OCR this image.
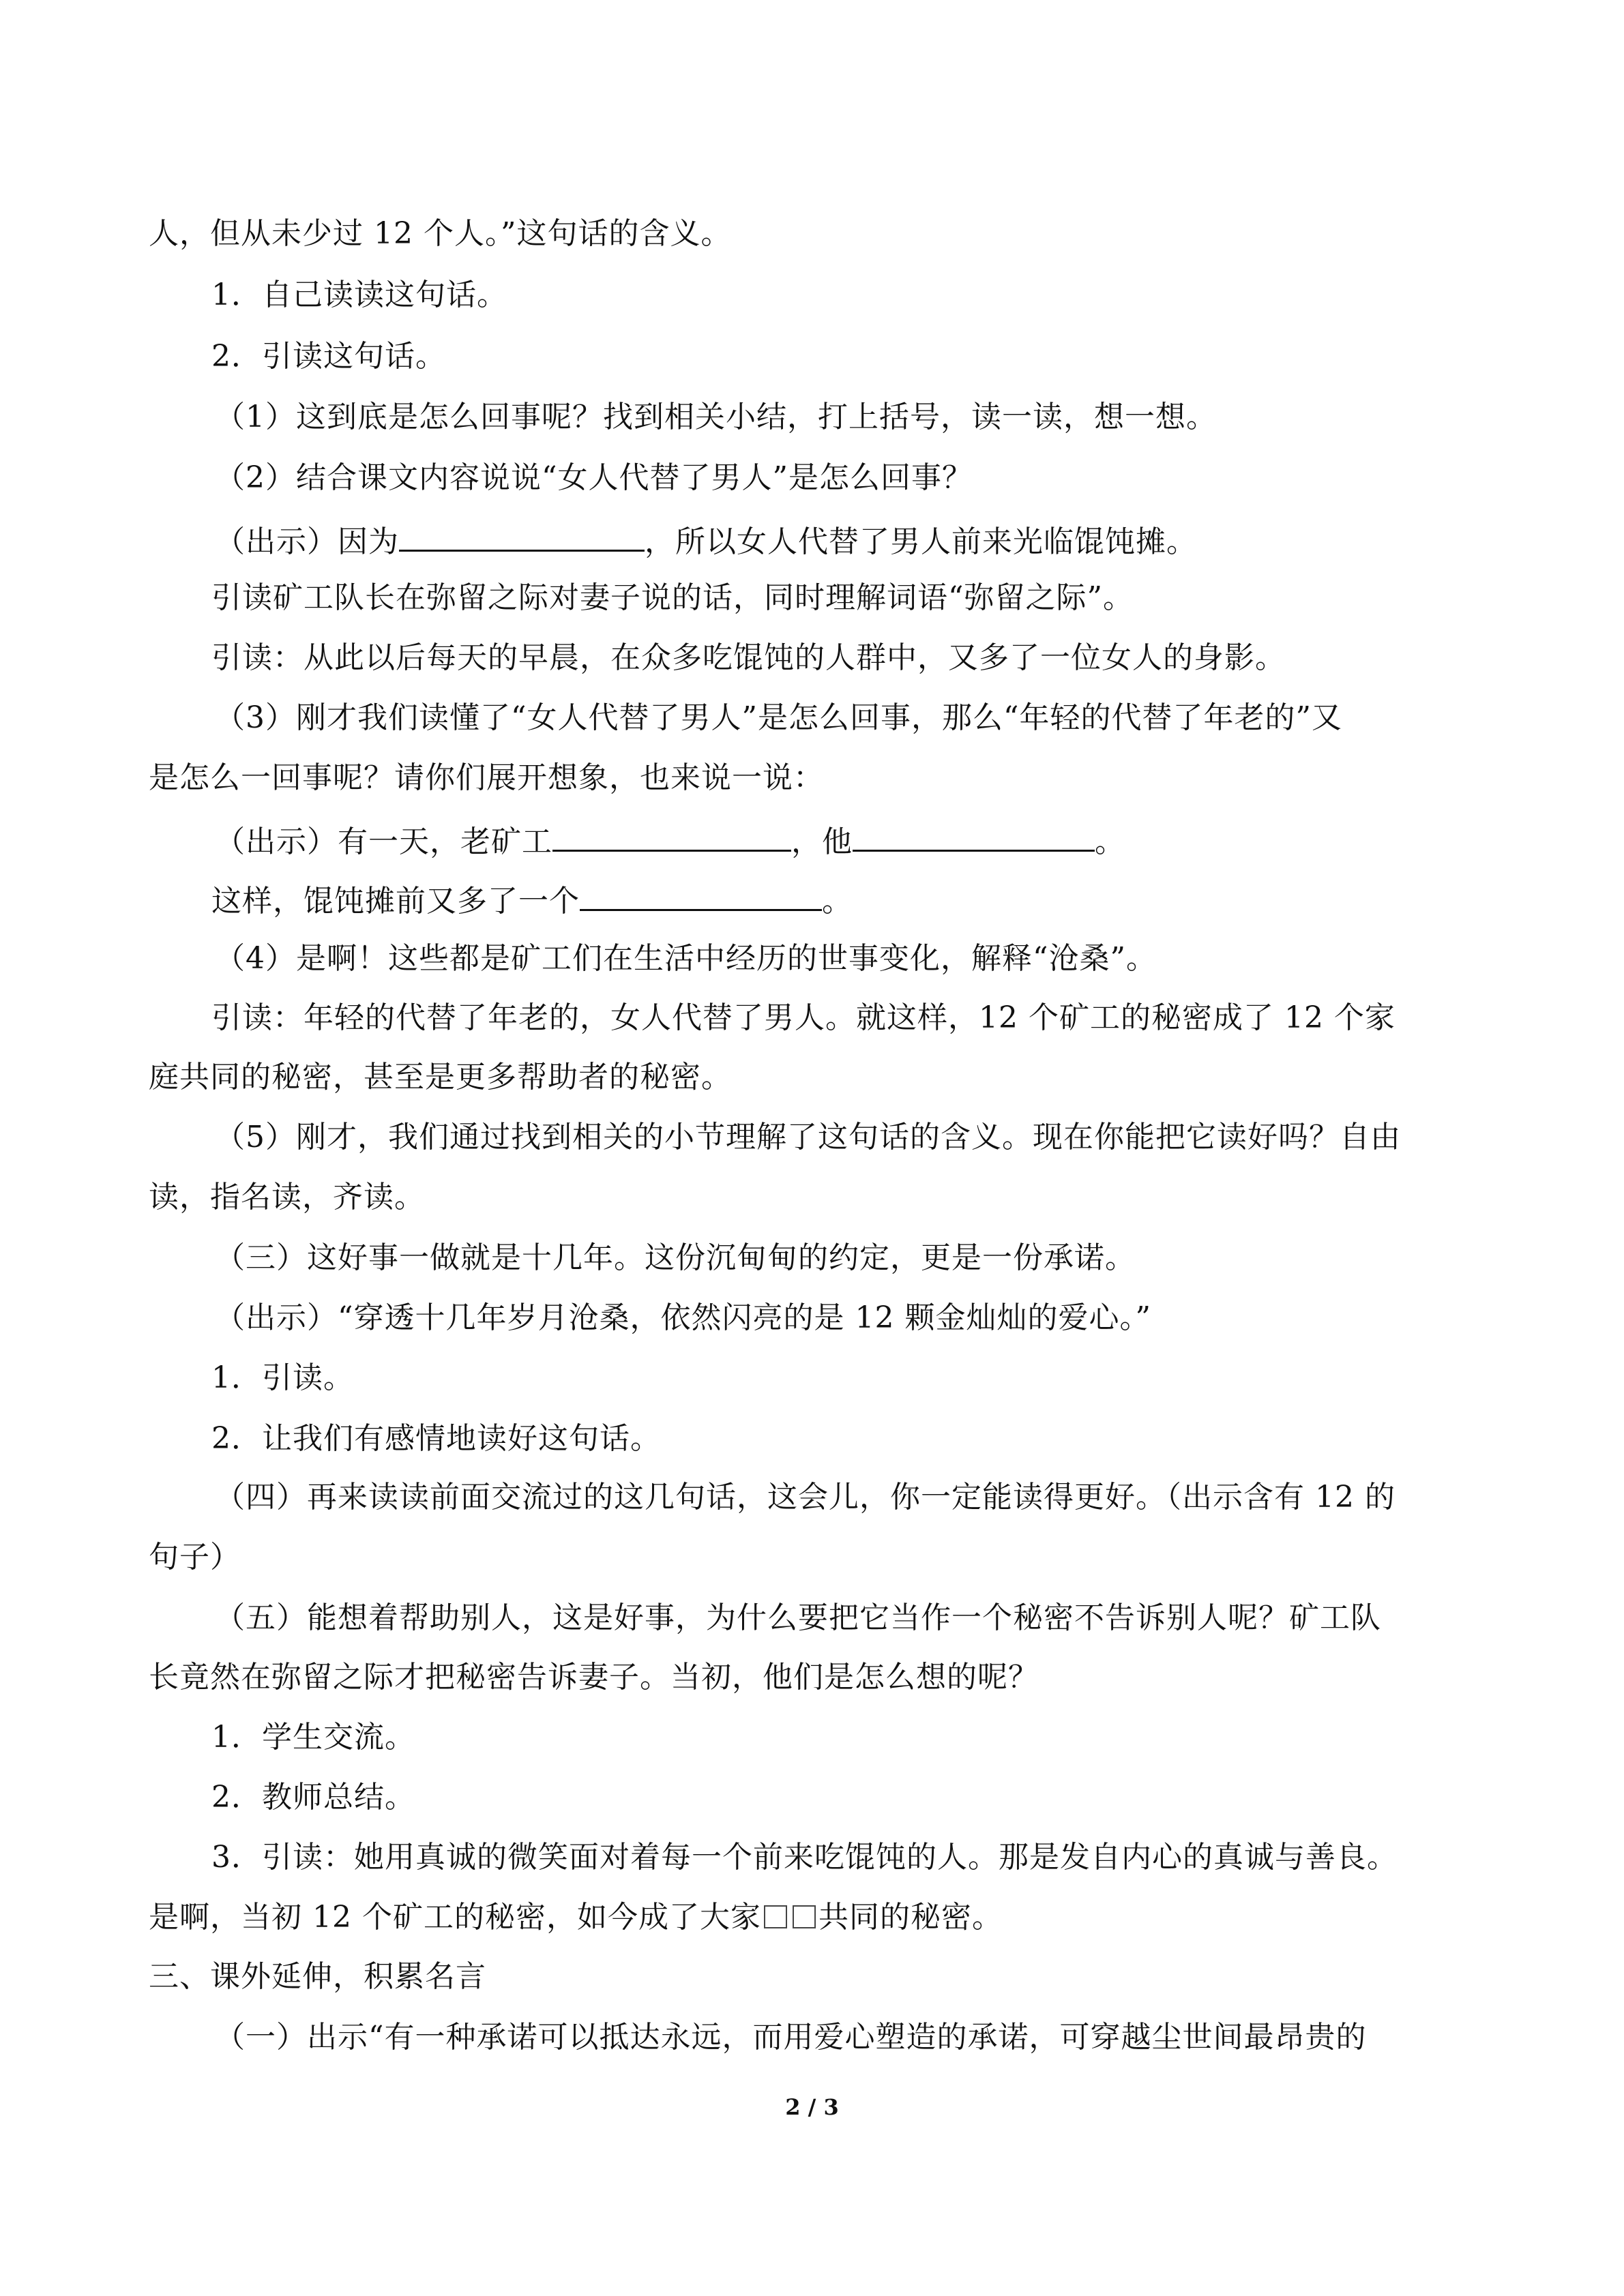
人，但从未少过 12 个人。”这句话的含义。
1．自己读读这句话。
2．引读这句话。
（1）这到底是怎么回事呢？找到相关小结，打上括号，读一读，想一想。
（2）结合课文内容说说“女人代替了男人”是怎么回事？
（出示）因为	，所以女人代替了男人前来光临馄饨摊。
引读矿工队长在弥留之际对妻子说的话，同时理解词语“弥留之际”。
引读：从此以后每天的早晨，在众多吃馄饨的人群中，又多了一位女人的身影。
（3）刚才我们读懂了“女人代替了男人”是怎么回事，那么“年轻的代替了年老的”又
是怎么一回事呢？请你们展开想象，也来说一说：
（出示）有一天，老矿工	，他	。
这样，馄饨摊前又多了一个	。
（4）是啊！这些都是矿工们在生活中经历的世事变化，解释“沧桑”。
引读：年轻的代替了年老的，女人代替了男人。就这样，12 个矿工的秘密成了 12 个家
庭共同的秘密，甚至是更多帮助者的秘密。
（5）刚才，我们通过找到相关的小节理解了这句话的含义。现在你能把它读好吗？自由
读，指名读，齐读。
（三）这好事一做就是十几年。这份沉甸甸的约定，更是一份承诺。
（出示）“穿透十几年岁月沧桑，依然闪亮的是 12 颗金灿灿的爱心。”
1．引读。
2．让我们有感情地读好这句话。
（四）再来读读前面交流过的这几句话，这会儿，你一定能读得更好。（出示含有 12 的
句子）
（五）能想着帮助别人，这是好事，为什么要把它当作一个秘密不告诉别人呢？矿工队
长竟然在弥留之际才把秘密告诉妻子。当初，他们是怎么想的呢？
1．学生交流。
2．教师总结。
3．引读：她用真诚的微笑面对着每一个前来吃馄饨的人。那是发自内心的真诚与善良。
是啊，当初 12 个矿工的秘密，如今成了大家 共同的秘密。
三、课外延伸，积累名言
（一）出示“有一种承诺可以抵达永远，而用爱心塑造的承诺，可穿越尘世间最昂贵的
2 / 3
